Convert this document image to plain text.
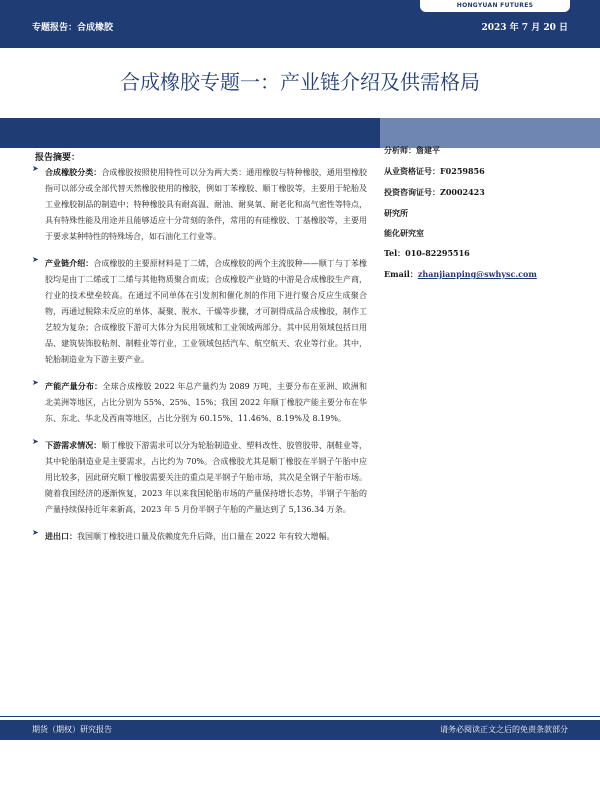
专题报告：合成橡胶	2023 年 7 月 20 日
HONGYUAN FUTURES
合成橡胶专题一：产业链介绍及供需格局
报告摘要：
分析师：詹建平
从业资格证号：F0259856
投资咨询证号：Z0002423
研究所
能化研究室
Tel：010-82295516
Email：zhanjianping@swhysc.com
➤ 合成橡胶分类：合成橡胶按照使用特性可以分为两大类：通用橡胶与特种橡胶，通用型橡胶指可以部分或全部代替天然橡胶使用的橡胶，例如丁苯橡胶、顺丁橡胶等，主要用于轮胎及工业橡胶制品的制造中；特种橡胶具有耐高温、耐油、耐臭氧、耐老化和高气密性等特点，具有特殊性能及用途并且能够适应十分苛刻的条件，常用的有硅橡胶、丁基橡胶等，主要用于要求某种特性的特殊场合，如石油化工行业等。

➤ 产业链介绍：合成橡胶的主要原材料是丁二烯，合成橡胶的两个主流胶种——顺丁与丁苯橡胶均是由丁二烯或丁二烯与其他物质聚合而成；合成橡胶产业链的中游是合成橡胶生产商，行业的技术壁垒较高。在通过不同单体在引发剂和催化剂的作用下进行聚合反应生成聚合物，再通过脱除未反应的单体、凝聚、脱水、干燥等步骤，才可制得成品合成橡胶，制作工艺较为复杂；合成橡胶下游可大体分为民用领域和工业领域两部分。其中民用领域包括日用品、建筑装饰胶粘剂、制鞋业等行业，工业领域包括汽车、航空航天、农业等行业。其中，轮胎制造业为下游主要产业。

➤ 产能产量分布：全球合成橡胶 2022 年总产量约为 2089 万吨，主要分布在亚洲、欧洲和北美洲等地区，占比分别为 55%、25%、15%；我国 2022 年顺丁橡胶产能主要分布在华东、东北、华北及西南等地区，占比分别为 60.15%、11.46%、8.19%及 8.19%。

➤ 下游需求情况：顺丁橡胶下游需求可以分为轮胎制造业、塑料改性、胶管胶带、制鞋业等，其中轮胎制造业是主要需求，占比约为 70%。合成橡胶尤其是顺丁橡胶在半钢子午胎中应用比较多，因此研究顺丁橡胶需要关注的重点是半钢子午胎市场，其次是全钢子午胎市场。随着我国经济的逐渐恢复，2023 年以来我国轮胎市场的产量保持增长态势，半钢子午胎的产量持续保持近年来新高，2023 年 5 月份半钢子午胎的产量达到了 5,136.34 万条。

➤ 进出口：我国顺丁橡胶进口量及依赖度先升后降，出口量在 2022 年有较大增幅。

期货（期权）研究报告	请务必阅读正文之后的免责条款部分
